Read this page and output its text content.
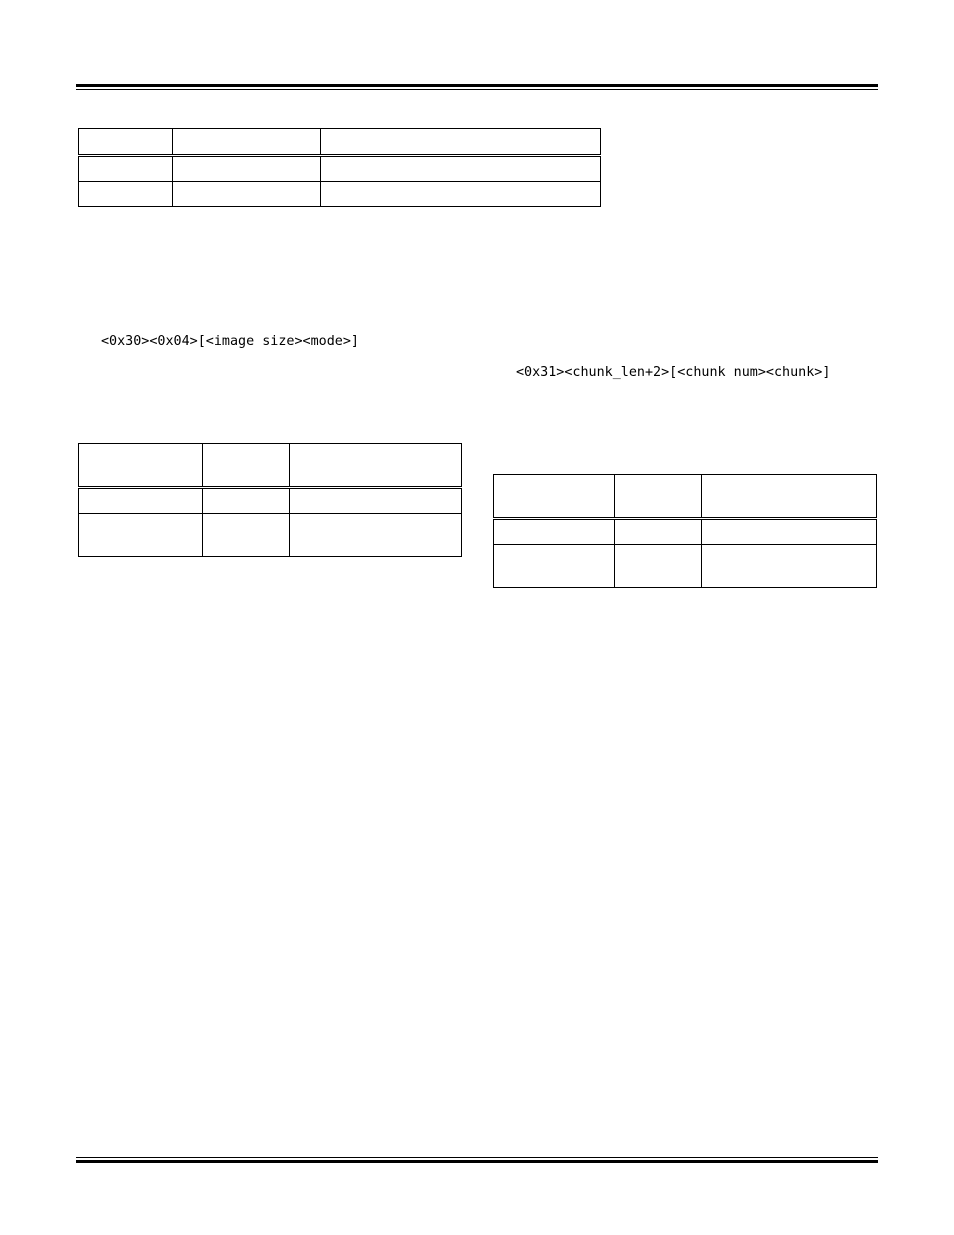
<0x30><0x04>[<image size><mode>]
<0x31><chunk_len+2>[<chunk num><chunk>]
